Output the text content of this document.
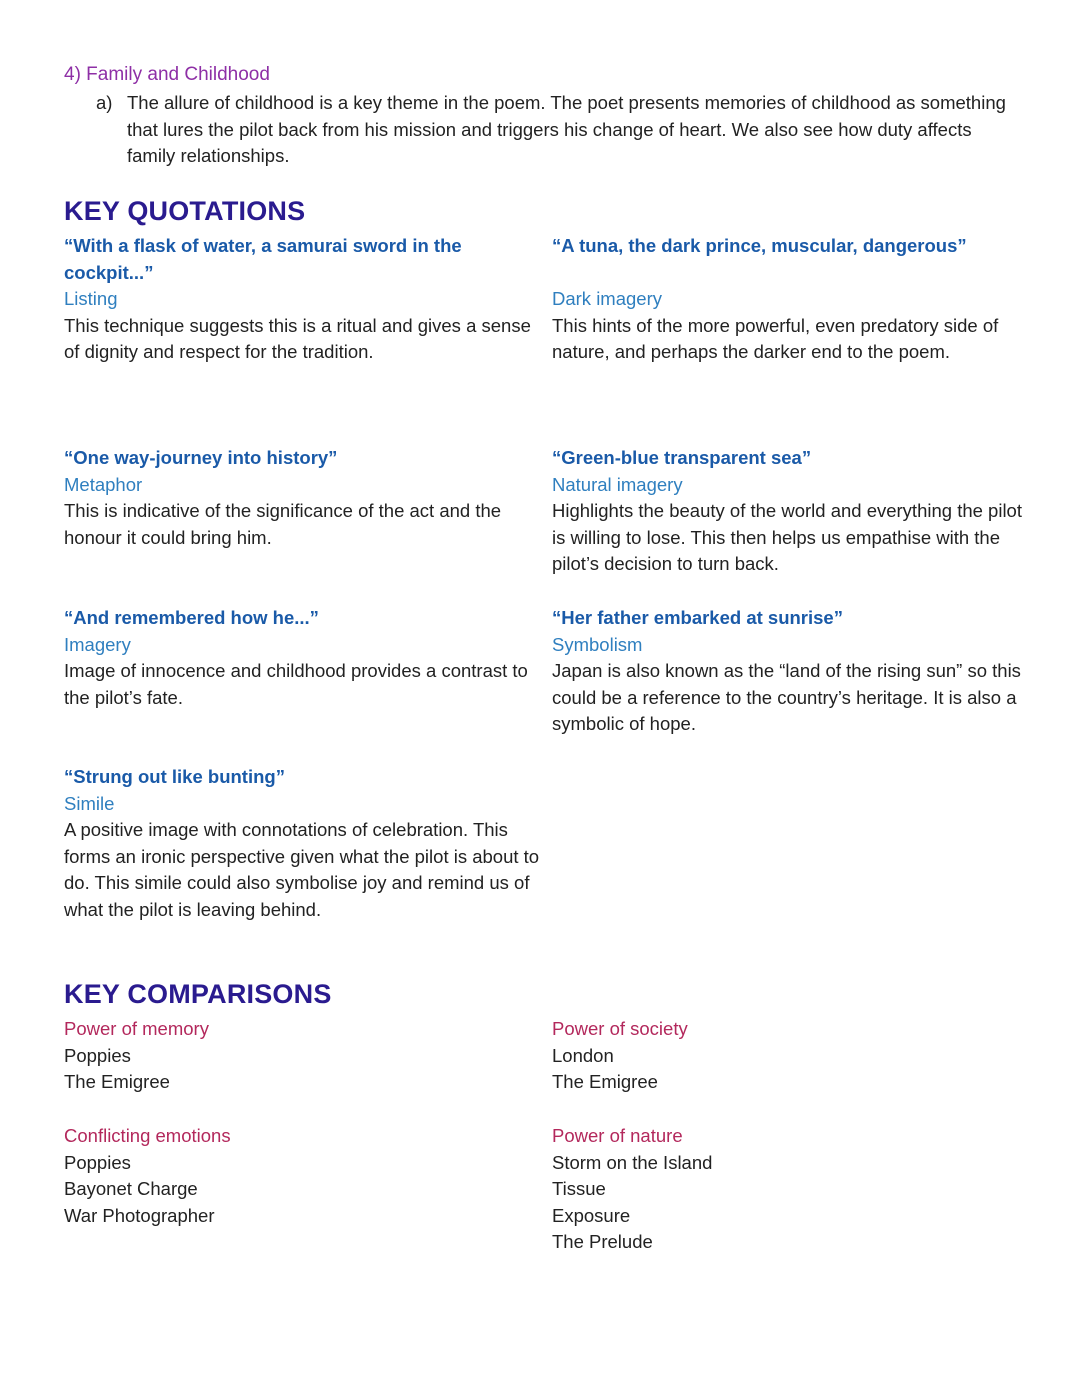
4) Family and Childhood
a) The allure of childhood is a key theme in the poem. The poet presents memories of childhood as something that lures the pilot back from his mission and triggers his change of heart. We also see how duty affects family relationships.
KEY QUOTATIONS
“With a flask of water, a samurai sword in the cockpit...”
Listing
This technique suggests this is a ritual and gives a sense of dignity and respect for the tradition.
“A tuna, the dark prince, muscular, dangerous”
Dark imagery
This hints of the more powerful, even predatory side of nature, and perhaps the darker end to the poem.
“One way-journey into history”
Metaphor
This is indicative of the significance of the act and the honour it could bring him.
“Green-blue transparent sea”
Natural imagery
Highlights the beauty of the world and everything the pilot is willing to lose. This then helps us empathise with the pilot’s decision to turn back.
“And remembered how he...”
Imagery
Image of innocence and childhood provides a contrast to the pilot’s fate.
“Her father embarked at sunrise”
Symbolism
Japan is also known as the “land of the rising sun” so this could be a reference to the country’s heritage. It is also a symbolic of hope.
“Strung out like bunting”
Simile
A positive image with connotations of celebration. This forms an ironic perspective given what the pilot is about to do. This simile could also symbolise joy and remind us of what the pilot is leaving behind.
KEY COMPARISONS
Power of memory
Poppies
The Emigree
Power of society
London
The Emigree
Conflicting emotions
Poppies
Bayonet Charge
War Photographer
Power of nature
Storm on the Island
Tissue
Exposure
The Prelude
